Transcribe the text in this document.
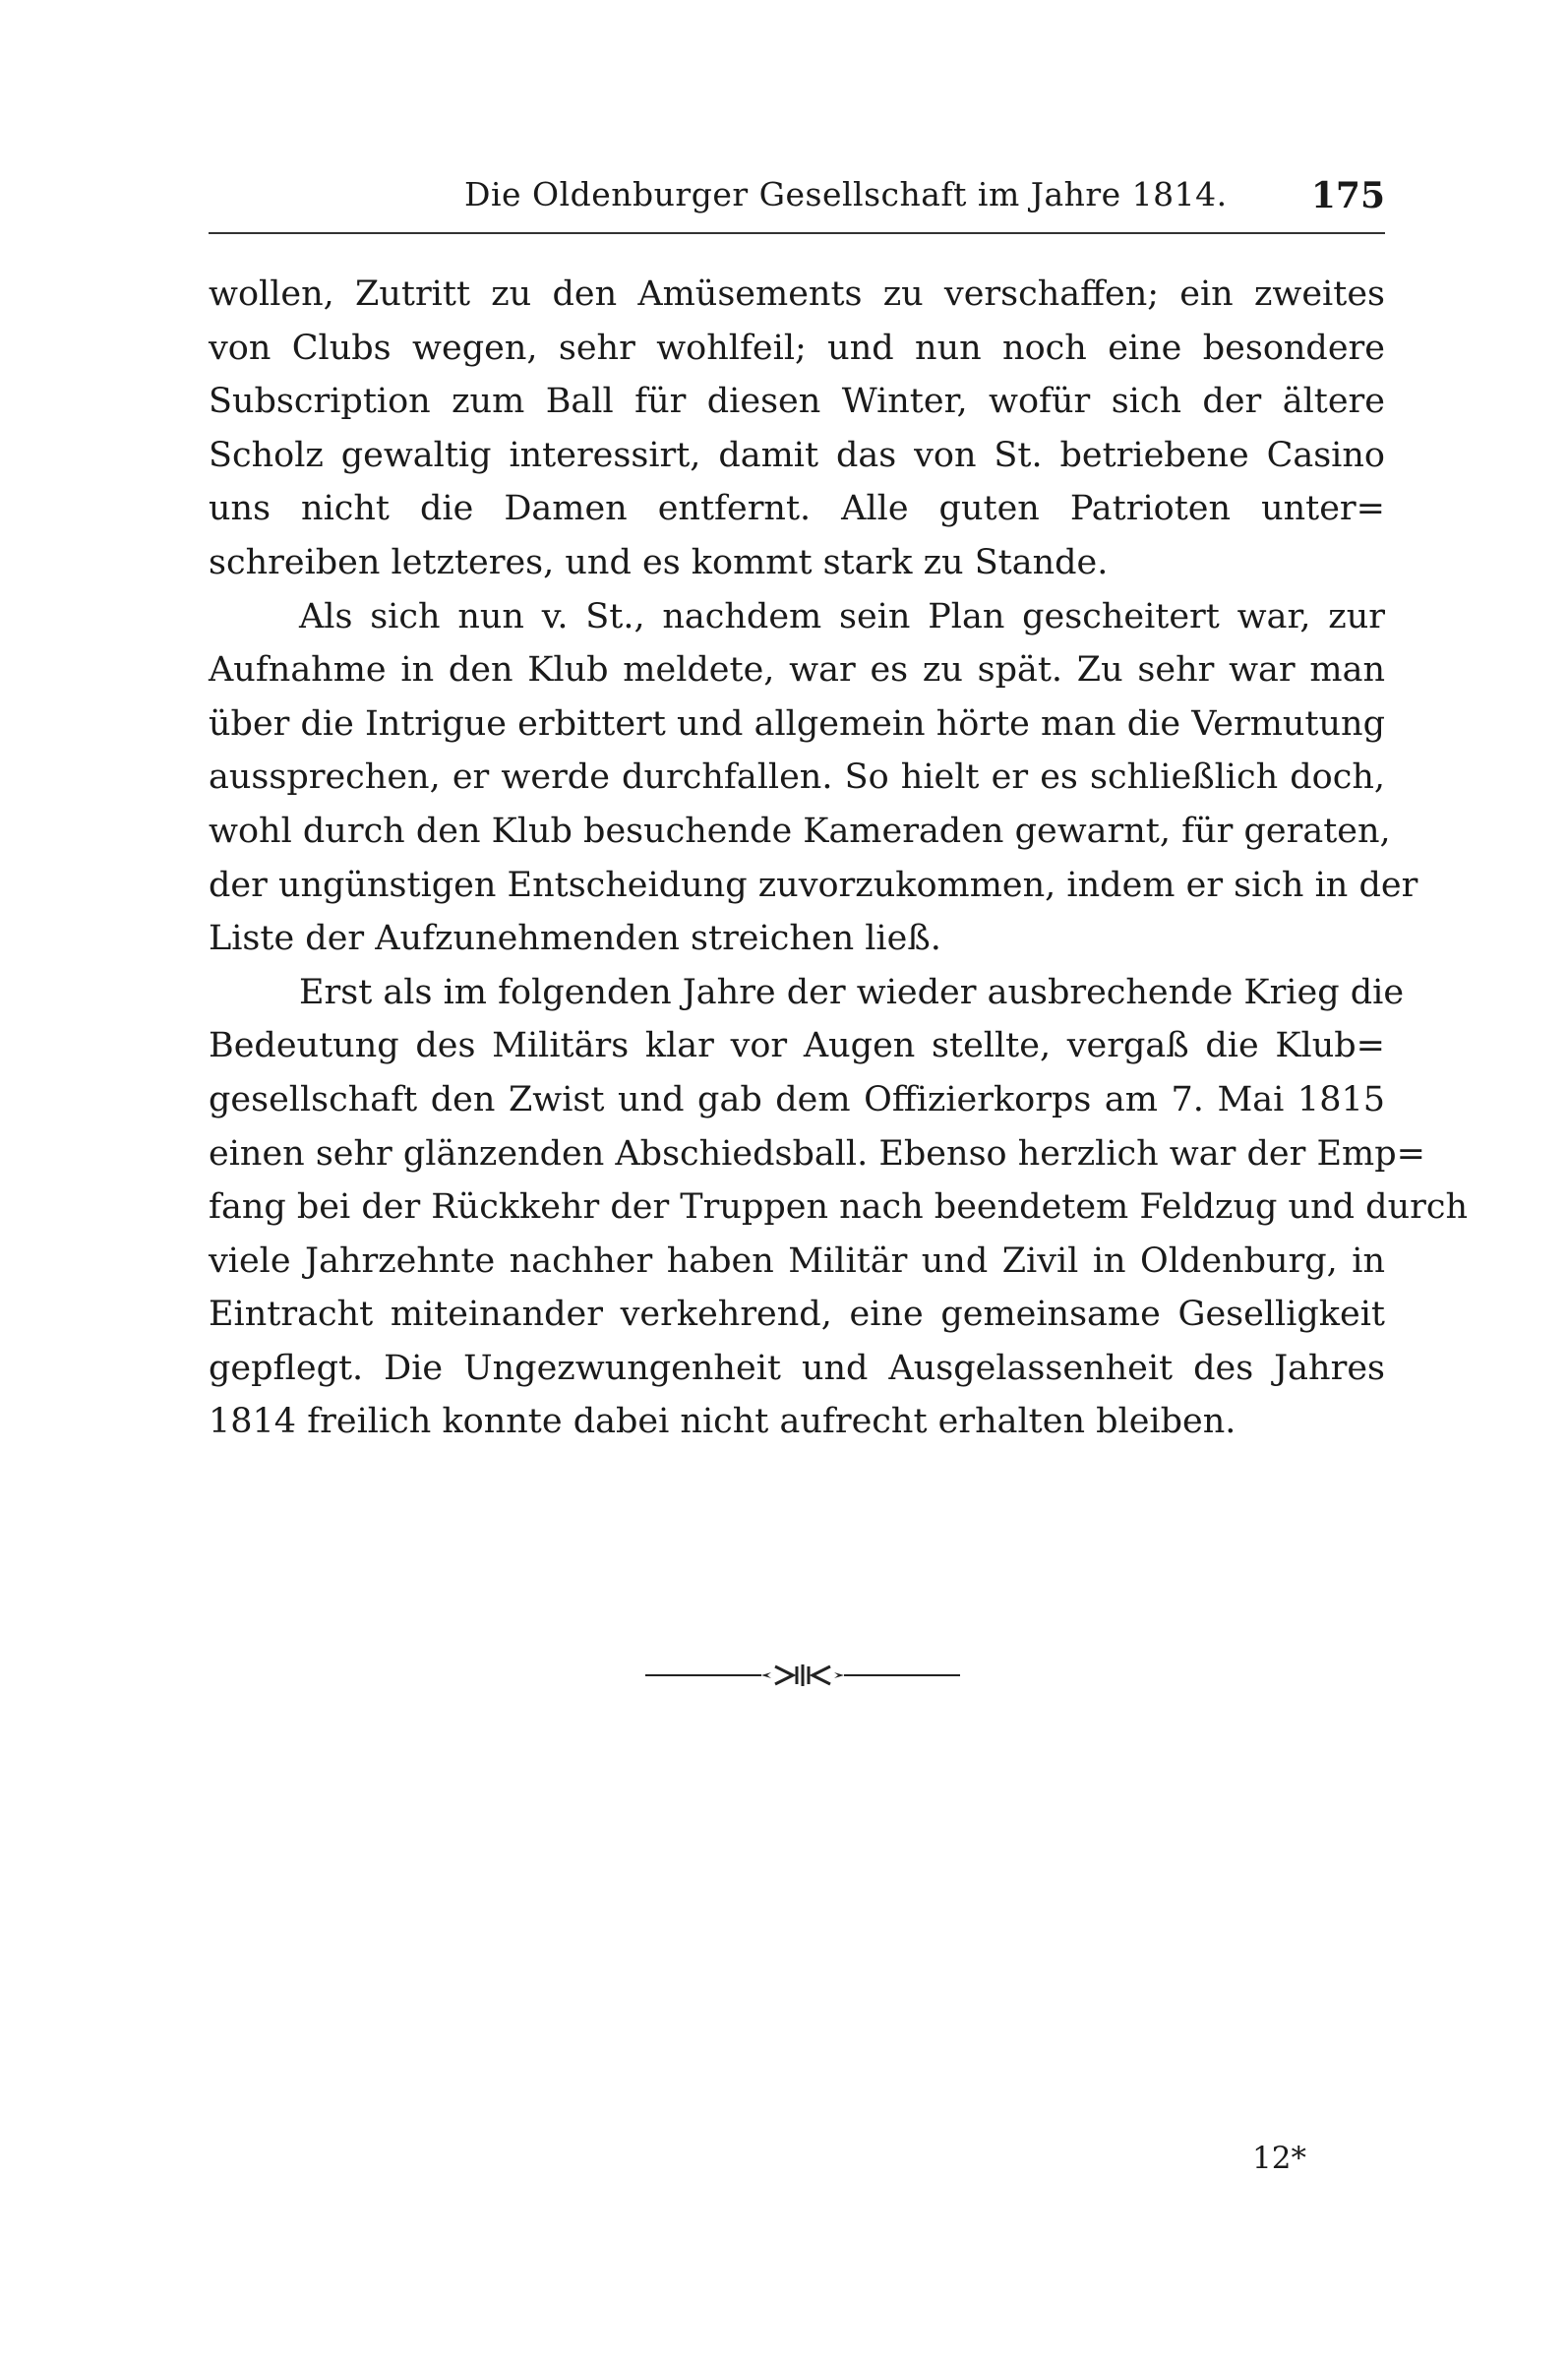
Die Oldenburger Gesellschaft im Jahre 1814. 175
wollen, Zutritt zu den Amüsements zu verschaffen; ein zweites
von Clubs wegen, sehr wohlfeil; und nun noch eine besondere
Subscription zum Ball für diesen Winter, wofür sich der ältere
Scholz gewaltig interessirt, damit das von St. betriebene Casino
uns nicht die Damen entfernt. Alle guten Patrioten unter=
schreiben letzteres, und es kommt stark zu Stande.
Als sich nun v. St., nachdem sein Plan gescheitert war, zur
Aufnahme in den Klub meldete, war es zu spät. Zu sehr war man
über die Intrigue erbittert und allgemein hörte man die Vermutung
aussprechen, er werde durchfallen. So hielt er es schließlich doch,
wohl durch den Klub besuchende Kameraden gewarnt, für geraten,
der ungünstigen Entscheidung zuvorzukommen, indem er sich in der
Liste der Aufzunehmenden streichen ließ.
Erst als im folgenden Jahre der wieder ausbrechende Krieg die
Bedeutung des Militärs klar vor Augen stellte, vergaß die Klub=
gesellschaft den Zwist und gab dem Offizierkorps am 7. Mai 1815
einen sehr glänzenden Abschiedsball. Ebenso herzlich war der Emp=
fang bei der Rückkehr der Truppen nach beendetem Feldzug und durch
viele Jahrzehnte nachher haben Militär und Zivil in Oldenburg, in
Eintracht miteinander verkehrend, eine gemeinsame Geselligkeit
gepflegt. Die Ungezwungenheit und Ausgelassenheit des Jahres
1814 freilich konnte dabei nicht aufrecht erhalten bleiben.
12*
